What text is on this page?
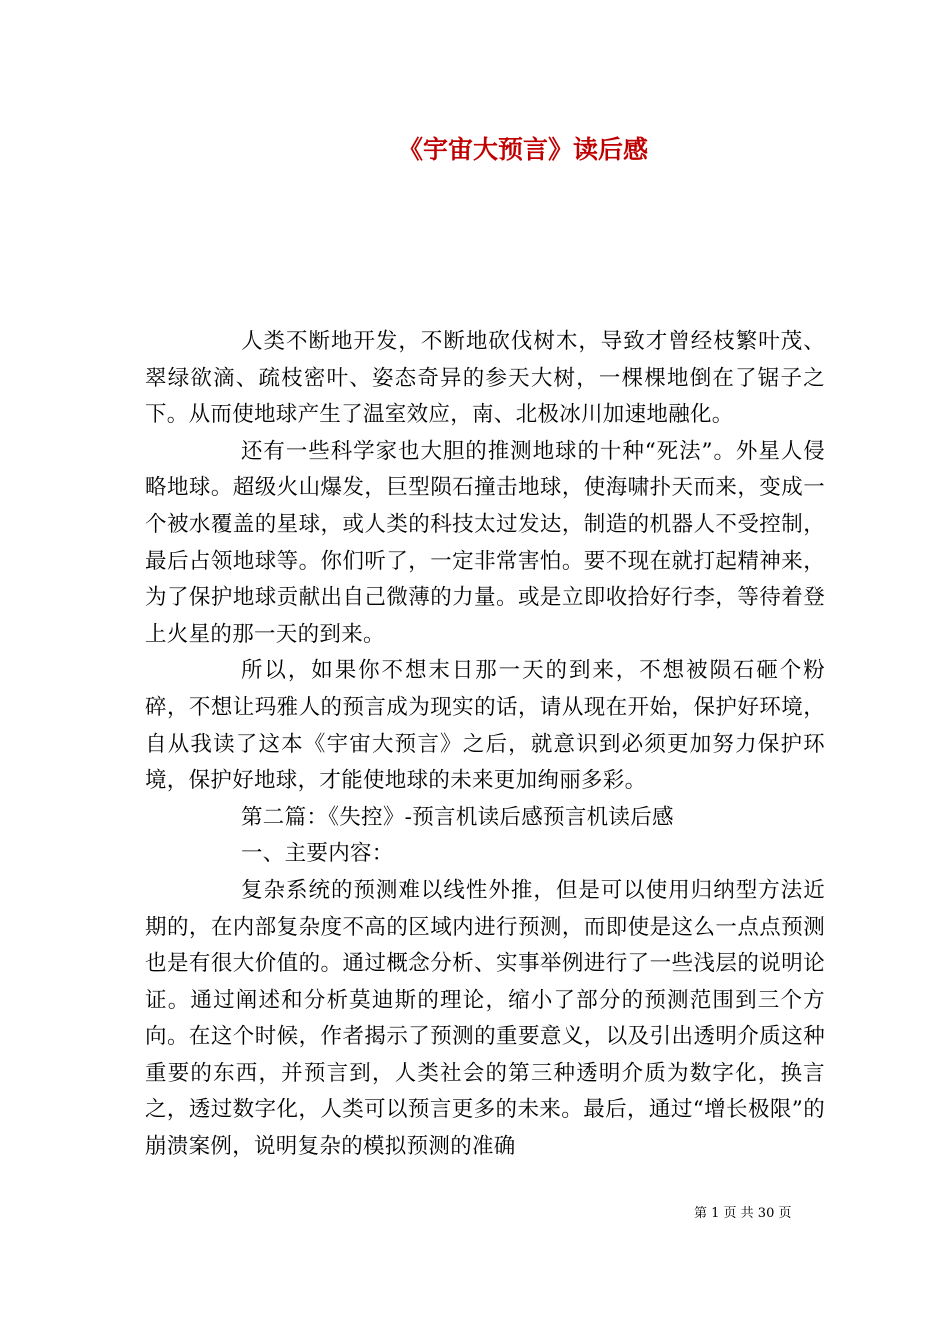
《宇宙大预言》读后感

人类不断地开发，不断地砍伐树木，导致才曾经枝繁叶茂、翠绿欲滴、疏枝密叶、姿态奇异的参天大树，一棵棵地倒在了锯子之下。从而使地球产生了温室效应，南、北极冰川加速地融化。

还有一些科学家也大胆的推测地球的十种“死法”。外星人侵略地球。超级火山爆发，巨型陨石撞击地球，使海啸扑天而来，变成一个被水覆盖的星球，或人类的科技太过发达，制造的机器人不受控制，最后占领地球等。你们听了，一定非常害怕。要不现在就打起精神来，为了保护地球贡献出自己微薄的力量。或是立即收拾好行李，等待着登上火星的那一天的到来。

所以，如果你不想末日那一天的到来，不想被陨石砸个粉碎，不想让玛雅人的预言成为现实的话，请从现在开始，保护好环境，自从我读了这本《宇宙大预言》之后，就意识到必须更加努力保护环境，保护好地球，才能使地球的未来更加绚丽多彩。

第二篇：《失控》-预言机读后感预言机读后感

一、主要内容：

复杂系统的预测难以线性外推，但是可以使用归纳型方法近期的，在内部复杂度不高的区域内进行预测，而即使是这么一点点预测也是有很大价值的。通过概念分析、实事举例进行了一些浅层的说明论证。通过阐述和分析莫迪斯的理论，缩小了部分的预测范围到三个方向。在这个时候，作者揭示了预测的重要意义，以及引出透明介质这种重要的东西，并预言到，人类社会的第三种透明介质为数字化，换言之，透过数字化，人类可以预言更多的未来。最后，通过“增长极限”的崩溃案例，说明复杂的模拟预测的准确

第 1 页 共 30 页
